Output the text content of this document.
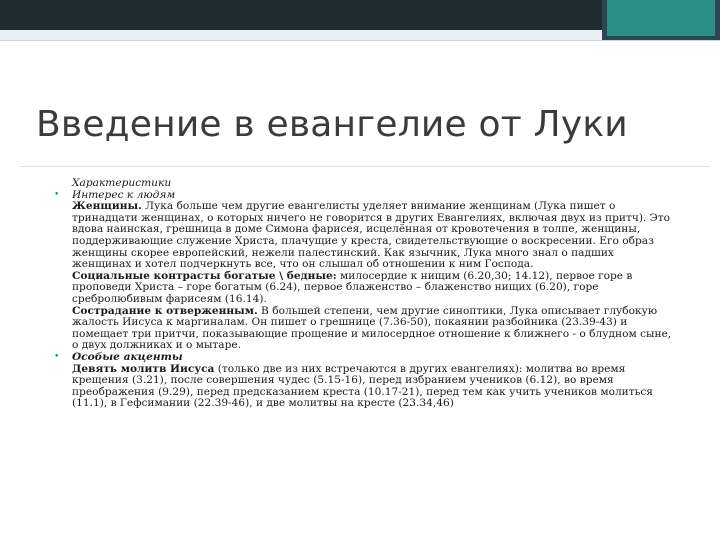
Введение в евангелие от Луки
Характеристики
• Интерес к людям
Женщины. Лука больше чем другие евангелисты уделяет внимание женщинам (Лука пишет о тринадцати женщинах, о которых ничего не говорится в других Евангелиях, включая двух из притч). Это вдова наинская, грешница в доме Симона фарисея, исцелённая от кровотечения в толпе, женщины, поддерживающие служение Христа, плачущие у креста, свидетельствующие о воскресении. Его образ женщины скорее европейский, нежели палестинский. Как язычник, Лука много знал о падших женщинах и хотел подчеркнуть все, что он слышал об отношении к ним Господа.
Социальные контрасты богатые \ бедные: милосердие к нищим (6.20,30; 14.12), первое горе в проповеди Христа – горе богатым (6.24), первое блаженство – блаженство нищих (6.20), горе сребролюбивым фарисеям (16.14).
Сострадание к отверженным. В большей степени, чем другие синоптики, Лука описывает глубокую жалость Иисуса к маргиналам. Он пишет о грешнице (7.36-50), покаянии разбойника (23.39-43) и помещает три притчи, показывающие прощение и милосердное отношение к ближнего - о блудном сыне, о двух должниках и о мытаре.
• Особые акценты
Девять молитв Иисуса (только две из них встречаются в других евангелиях): молитва во время крещения (3.21), после совершения чудес (5.15-16), перед избранием учеников (6.12), во время преображения (9.29), перед предсказанием креста (10.17-21), перед тем как учить учеников молиться (11.1), в Гефсимании (22.39-46), и две молитвы на кресте (23.34,46)
